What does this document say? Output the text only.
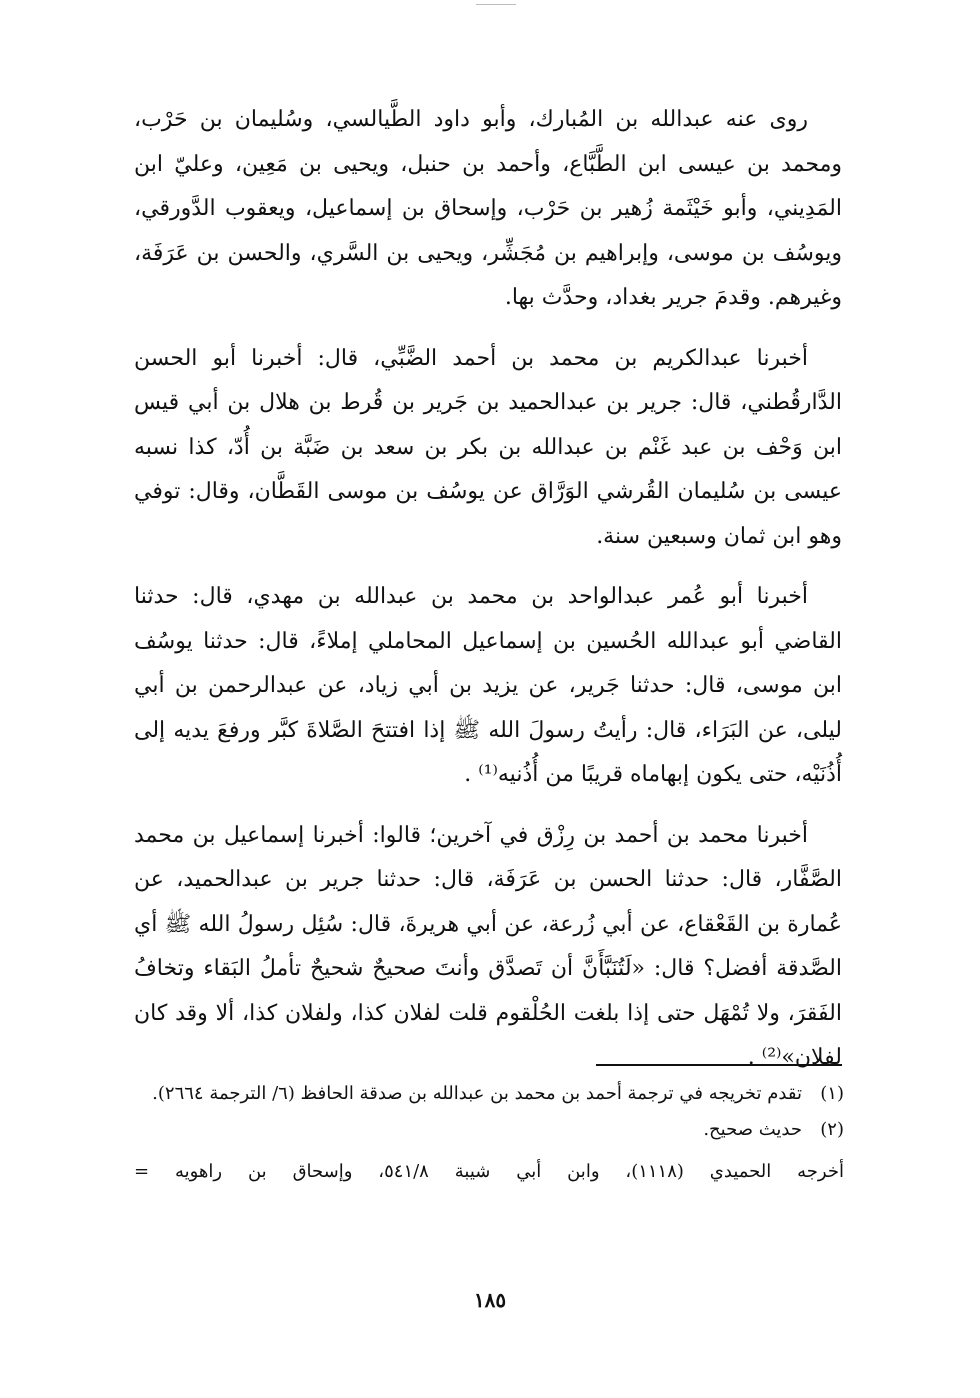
روى عنه عبدالله بن المُبارك، وأبو داود الطَّيالسي، وسُليمان بن حَرْب، ومحمد بن عيسى ابن الطَّبَّاع، وأحمد بن حنبل، ويحيى بن مَعِين، وعليّ ابن المَدِيني، وأبو خَيْثَمة زُهير بن حَرْب، وإسحاق بن إسماعيل، ويعقوب الدَّورقي، ويوسُف بن موسى، وإبراهيم بن مُجَشِّر، ويحيى بن السَّري، والحسن بن عَرَفَة، وغيرهم. وقدمَ جرير بغداد، وحدَّث بها.

أخبرنا عبدالكريم بن محمد بن أحمد الضَّبِّي، قال: أخبرنا أبو الحسن الدَّارقُطني، قال: جرير بن عبدالحميد بن جَرير بن قُرط بن هلال بن أبي قيس ابن وَحْف بن عبد غَنْم بن عبدالله بن بكر بن سعد بن ضَبَّة بن أُدّ، كذا نسبه عيسى بن سُليمان القُرشي الوَرَّاق عن يوسُف بن موسى القَطَّان، وقال: توفي وهو ابن ثمان وسبعين سنة.

أخبرنا أبو عُمر عبدالواحد بن محمد بن عبدالله بن مهدي، قال: حدثنا القاضي أبو عبدالله الحُسين بن إسماعيل المحاملي إملاءً، قال: حدثنا يوسُف ابن موسى، قال: حدثنا جَرير، عن يزيد بن أبي زياد، عن عبدالرحمن بن أبي ليلى، عن البَرَاء، قال: رأيتُ رسولَ الله ﷺ إذا افتتحَ الصَّلاةَ كبَّر ورفعَ يديه إلى أُذُنَيْه، حتى يكون إبهاماه قريبًا من أُذُنيه⁽¹⁾ .

أخبرنا محمد بن أحمد بن رِزْق في آخرين؛ قالوا: أخبرنا إسماعيل بن محمد الصَّفَّار، قال: حدثنا الحسن بن عَرَفَة، قال: حدثنا جرير بن عبدالحميد، عن عُمارة بن القَعْقاع، عن أبي زُرعة، عن أبي هريرةَ، قال: سُئِل رسولُ الله ﷺ أي الصَّدقة أفضل؟ قال: «لَتُنَبَّأَنَّ أن تَصدَّق وأنتَ صحيحٌ شحيحٌ تأملُ البَقاء وتخافُ الفَقرَ، ولا تُمْهَل حتى إذا بلغت الحُلْقوم قلت لفلان كذا، ولفلان كذا، ألا وقد كان لفلان»⁽²⁾ .

(١)تقدم تخريجه في ترجمة أحمد بن محمد بن عبدالله بن صدقة الحافظ (٦/ الترجمة ٢٦٦٤).

(٢)حديث صحيح.

أخرجه الحميدي (١١١٨)، وابن أبي شيبة ٥٤١/٨، وإسحاق بن راهويه =

١٨٥
